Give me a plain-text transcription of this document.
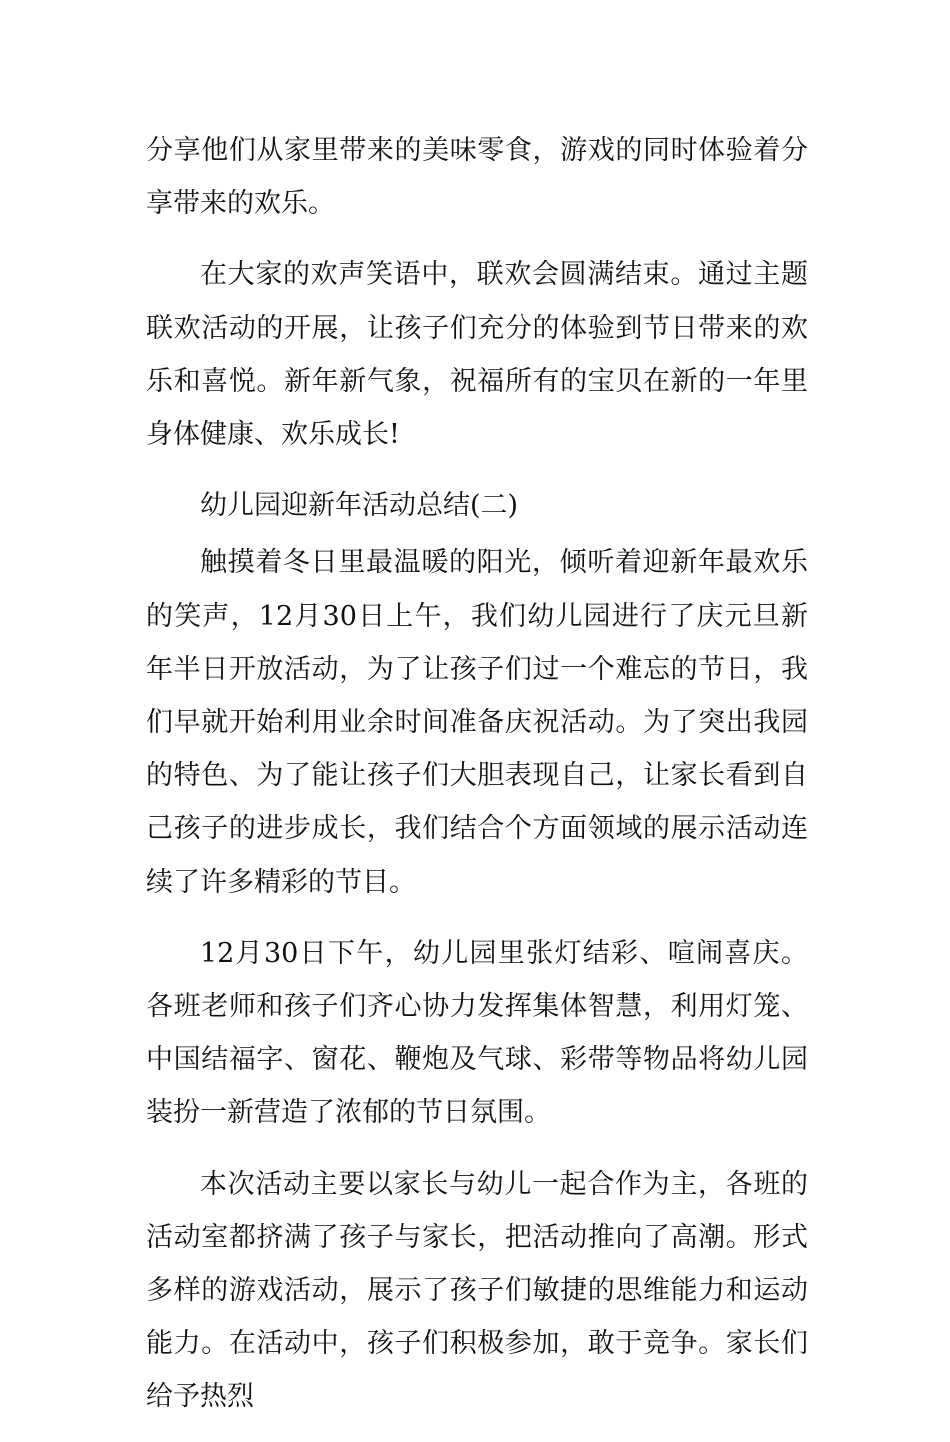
分享他们从家里带来的美味零食，游戏的同时体验着分享带来的欢乐。

在大家的欢声笑语中，联欢会圆满结束。通过主题联欢活动的开展，让孩子们充分的体验到节日带来的欢乐和喜悦。新年新气象，祝福所有的宝贝在新的一年里身体健康、欢乐成长!

幼儿园迎新年活动总结(二)

触摸着冬日里最温暖的阳光，倾听着迎新年最欢乐的笑声，12月30日上午，我们幼儿园进行了庆元旦新年半日开放活动，为了让孩子们过一个难忘的节日，我们早就开始利用业余时间准备庆祝活动。为了突出我园的特色、为了能让孩子们大胆表现自己，让家长看到自己孩子的进步成长，我们结合个方面领域的展示活动连续了许多精彩的节目。

12月30日下午，幼儿园里张灯结彩、喧闹喜庆。各班老师和孩子们齐心协力发挥集体智慧，利用灯笼、中国结福字、窗花、鞭炮及气球、彩带等物品将幼儿园装扮一新营造了浓郁的节日氛围。

本次活动主要以家长与幼儿一起合作为主，各班的活动室都挤满了孩子与家长，把活动推向了高潮。形式多样的游戏活动，展示了孩子们敏捷的思维能力和运动能力。在活动中，孩子们积极参加，敢于竞争。家长们给予热烈
